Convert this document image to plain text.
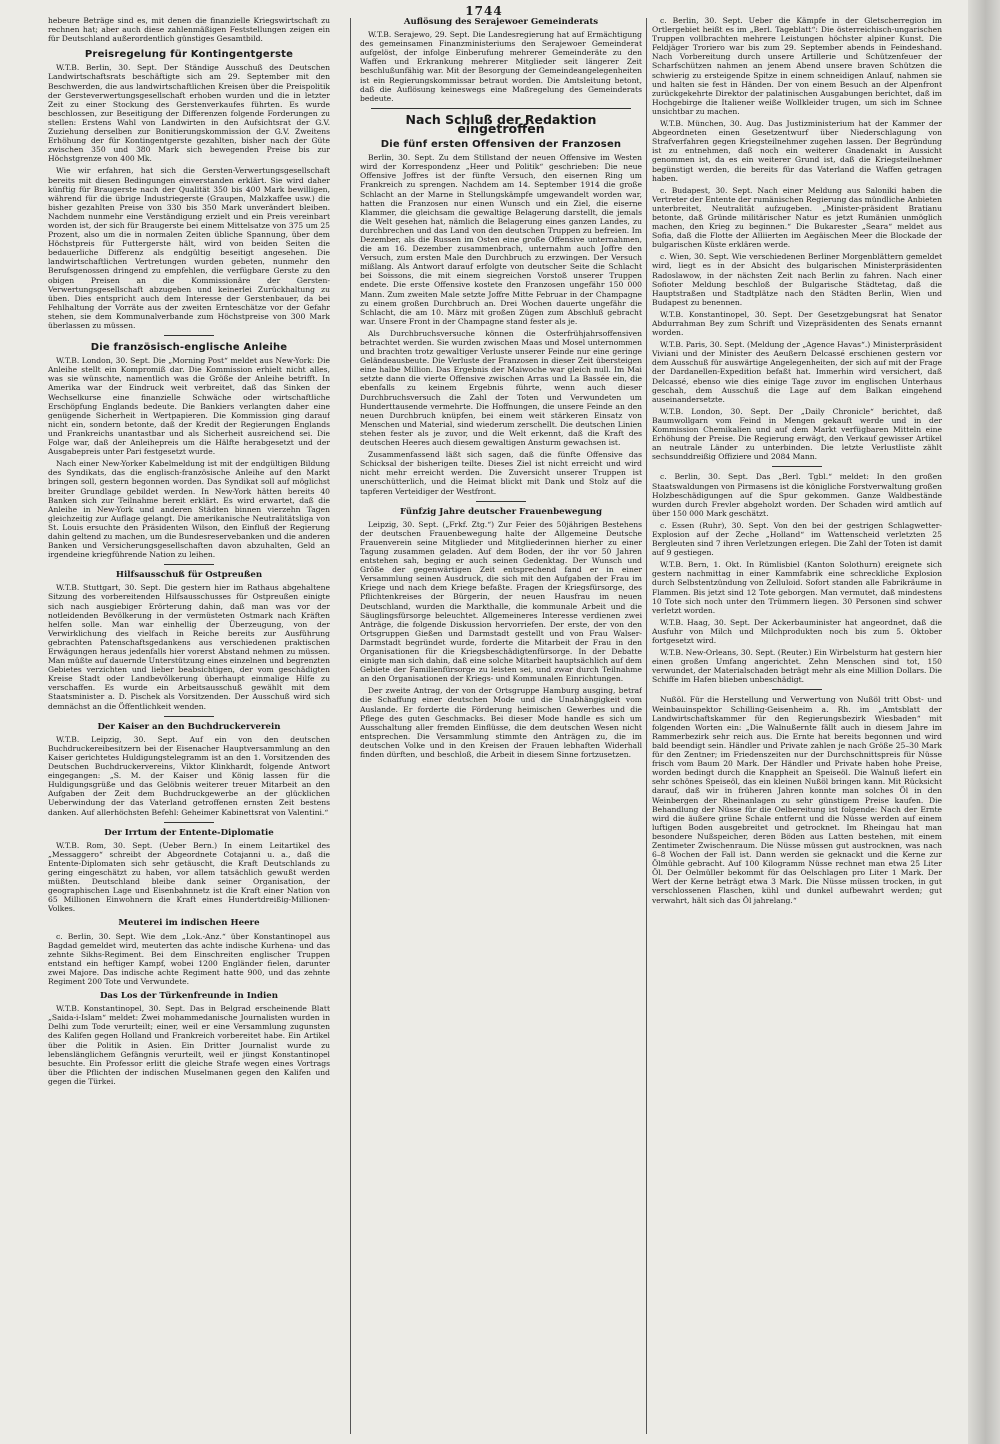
1744

hebeure Beträge sind es, mit denen die finanzielle Kriegswirtschaft zu rechnen hat; aber auch diese zahlenmäßigen Feststellungen zeigen ein für Deutschland außerordentlich günstiges Gesamtbild.

Preisregelung für Kontingentgerste

W.T.B. Berlin, 30. Sept. Der Ständige Ausschuß des Deutschen Landwirtschaftsrats beschäftigte sich am 29. September mit den Beschwerden, die aus landwirtschaftlichen Kreisen über die Preispolitik der Gersteverwertungsgesellschaft erhoben wurden und die in letzter Zeit zu einer Stockung des Gerstenverkaufes führten. Es wurde beschlossen, zur Beseitigung der Differenzen folgende Forderungen zu stellen: Erstens Wahl von Landwirten in den Aufsichtsrat der G.V. Zuziehung derselben zur Bonitierungskommission der G.V. Zweitens Erhöhung der für Kontingentgerste gezahlten, bisher nach der Güte zwischen 350 und 380 Mark sich bewegenden Preise bis zur Höchstgrenze von 400 Mk.

Wie wir erfahren, hat sich die Gersten-Verwertungsgesellschaft bereits mit diesen Bedingungen einverstanden erklärt. Sie wird daher künftig für Braugerste nach der Qualität 350 bis 400 Mark bewilligen, während für die übrige Industriegerste (Graupen, Malzkaffee usw.) die bisher gezahlten Preise von 330 bis 350 Mark unverändert bleiben. Nachdem nunmehr eine Verständigung erzielt und ein Preis vereinbart worden ist, der sich für Braugerste bei einem Mittelsatze von 375 um 25 Prozent, also um die in normalen Zeiten übliche Spannung, über dem Höchstpreis für Futtergerste hält, wird von beiden Seiten die bedauerliche Differenz als endgültig beseitigt angesehen. Die landwirtschaftlichen Vertretungen wurden gebeten, nunmehr den Berufsgenossen dringend zu empfehlen, die verfügbare Gerste zu den obigen Preisen an die Kommissionäre der Gersten-Verwertungsgesellschaft abzugeben und keinerlei Zurückhaltung zu üben. Dies entspricht auch dem Interesse der Gerstenbauer, da bei Fehlhaltung der Vorräte aus der zweiten Ernteschätze vor der Gefahr stehen, sie dem Kommunalverbande zum Höchstpreise von 300 Mark überlassen zu müssen.

Die französisch-englische Anleihe

W.T.B. London, 30. Sept. Die „Morning Post“ meldet aus New-York: Die Anleihe stellt ein Kompromiß dar. Die Kommission erhielt nicht alles, was sie wünschte, namentlich was die Größe der Anleihe betrifft. In Amerika war der Eindruck weit verbreitet, daß das Sinken der Wechselkurse eine finanzielle Schwäche oder wirtschaftliche Erschöpfung Englands bedeute. Die Bankiers verlangten daher eine genügende Sicherheit in Wertpapieren. Die Kommission ging darauf nicht ein, sondern betonte, daß der Kredit der Regierungen Englands und Frankreichs unantastbar und als Sicherheit ausreichend sei. Die Folge war, daß der Anleihepreis um die Hälfte herabgesetzt und der Ausgabepreis unter Pari festgesetzt wurde.

Nach einer New-Yorker Kabelmeldung ist mit der endgültigen Bildung des Syndikats, das die englisch-französische Anleihe auf den Markt bringen soll, gestern begonnen worden. Das Syndikat soll auf möglichst breiter Grundlage gebildet werden. In New-York hätten bereits 40 Banken sich zur Teilnahme bereit erklärt. Es wird erwartet, daß die Anleihe in New-York und anderen Städten binnen vierzehn Tagen gleichzeitig zur Auflage gelangt. Die amerikanische Neutralitätsliga von St. Louis ersuchte den Präsidenten Wilson, den Einfluß der Regierung dahin geltend zu machen, um die Bundesreservebanken und die anderen Banken und Versicherungsgesellschaften davon abzuhalten, Geld an irgendeine kriegführende Nation zu leihen.

Hilfsausschuß für Ostpreußen

W.T.B. Stuttgart, 30. Sept. Die gestern hier im Rathaus abgehaltene Sitzung des vorbereitenden Hilfsausschusses für Ostpreußen einigte sich nach ausgiebiger Erörterung dahin, daß man was vor der notleidenden Bevölkerung in der vermüsteten Ostmark nach Kräften helfen solle. Man war einhellig der Überzeugung, von der Verwirklichung des vielfach in Reiche bereits zur Ausführung gebrachten Patenschaftsgedankens aus verschiedenen praktischen Erwägungen heraus jedenfalls hier vorerst Abstand nehmen zu müssen. Man müßte auf dauernde Unterstützung eines einzelnen und begrenzten Gebietes verzichten und lieber beabsichtigen, der vom geschädigten Kreise Stadt oder Landbevölkerung überhaupt einmalige Hilfe zu verschaffen. Es wurde ein Arbeitsausschuß gewählt mit dem Staatsminister a. D. Pischek als Vorsitzenden. Der Ausschuß wird sich demnächst an die Öffentlichkeit wenden.

Der Kaiser an den Buchdruckerverein

W.T.B. Leipzig, 30. Sept. Auf ein von den deutschen Buchdruckereibesitzern bei der Eisenacher Hauptversammlung an den Kaiser gerichtetes Huldigungstelegramm ist an den 1. Vorsitzenden des Deutschen Buchdruckervereins, Viktor Klinkhardt, folgende Antwort eingegangen: „S. M. der Kaiser und König lassen für die Huldigungsgrüße und das Gelöbnis weiterer treuer Mitarbeit an den Aufgaben der Zeit dem Buchdruckgewerbe an der glücklichen Ueberwindung der das Vaterland getroffenen ernsten Zeit bestens danken. Auf allerhöchsten Befehl: Geheimer Kabinettsrat von Valentini.“

Der Irrtum der Entente-Diplomatie

W.T.B. Rom, 30. Sept. (Ueber Bern.) In einem Leitartikel des „Messaggero“ schreibt der Abgeordnete Cotajanni u. a., daß die Entente-Diplomaten sich sehr getäuscht, die Kraft Deutschlands zu gering eingeschätzt zu haben, vor allem tatsächlich gewußt werden müßten. Deutschland bleibe dank seiner Organisation, der geographischen Lage und Eisenbahnnetz ist die Kraft einer Nation von 65 Millionen Einwohnern die Kraft eines Hundertdreißig-Millionen-Volkes.

Meuterei im indischen Heere

c. Berlin, 30. Sept. Wie dem „Lok.-Anz.“ über Konstantinopel aus Bagdad gemeldet wird, meuterten das achte indische Kurhena- und das zehnte Sikhs-Regiment. Bei dem Einschreiten englischer Truppen entstand ein heftiger Kampf, wobei 1200 Engländer fielen, darunter zwei Majore. Das indische achte Regiment hatte 900, und das zehnte Regiment 200 Tote und Verwundete.

Das Los der Türkenfreunde in Indien

W.T.B. Konstantinopel, 30. Sept. Das in Belgrad erscheinende Blatt „Saida-i-Islam“ meldet: Zwei mohammedanische Journalisten wurden in Delhi zum Tode verurteilt; einer, weil er eine Versammlung zugunsten des Kalifen gegen Holland und Frankreich vorbereitet habe. Ein Artikel über die Politik in Asien. Ein Dritter Journalist wurde zu lebenslänglichem Gefängnis verurteilt, weil er jüngst Konstantinopel besuchte. Ein Professor erlitt die gleiche Strafe wegen eines Vortrags über die Pflichten der indischen Muselmanen gegen den Kalifen und gegen die Türkei.

Auflösung des Serajewoer Gemeinderats

W.T.B. Serajewo, 29. Sept. Die Landesregierung hat auf Ermächtigung des gemeinsamen Finanzministeriums den Serajewoer Gemeinderat aufgelöst, der infolge Einberufung mehrerer Gemeinderäte zu den Waffen und Erkrankung mehrerer Mitglieder seit längerer Zeit beschlußunfähig war. Mit der Besorgung der Gemeindeangelegenheiten ist ein Regierungskommissar betraut worden. Die Amtsleitung betont, daß die Auflösung keineswegs eine Maßregelung des Gemeinderats bedeute.

Nach Schluß der Redaktion eingetroffen
Die fünf ersten Offensiven der Franzosen

Berlin, 30. Sept. Zu dem Stillstand der neuen Offensive im Westen wird der Korrespondenz „Heer und Politik“ geschrieben: Die neue Offensive Joffres ist der fünfte Versuch, den eisernen Ring um Frankreich zu sprengen. Nachdem am 14. September 1914 die große Schlacht an der Marne in Stellungskämpfe umgewandelt worden war, hatten die Franzosen nur einen Wunsch und ein Ziel, die eiserne Klammer, die gleichsam die gewaltige Belagerung darstellt, die jemals die Welt gesehen hat, nämlich die Belagerung eines ganzen Landes, zu durchbrechen und das Land von den deutschen Truppen zu befreien. Im Dezember, als die Russen im Osten eine große Offensive unternahmen, die am 16. Dezember zusammenbrach, unternahm auch Joffre den Versuch, zum ersten Male den Durchbruch zu erzwingen. Der Versuch mißlang. Als Antwort darauf erfolgte von deutscher Seite die Schlacht bei Soissons, die mit einem siegreichen Vorstoß unserer Truppen endete. Die erste Offensive kostete den Franzosen ungefähr 150 000 Mann. Zum zweiten Male setzte Joffre Mitte Februar in der Champagne zu einem großen Durchbruch an. Drei Wochen dauerte ungefähr die Schlacht, die am 10. März mit großen Zügen zum Abschluß gebracht war. Unsere Front in der Champagne stand fester als je.

Als Durchbruchsversuche können die Osterfrühjahrsoffensiven betrachtet werden. Sie wurden zwischen Maas und Mosel unternommen und brachten trotz gewaltiger Verluste unserer Feinde nur eine geringe Geländeausbeute. Die Verluste der Franzosen in dieser Zeit übersteigen eine halbe Million. Das Ergebnis der Maiwoche war gleich null. Im Mai setzte dann die vierte Offensive zwischen Arras und La Bassée ein, die ebenfalls zu keinem Ergebnis führte, wenn auch dieser Durchbruchsversuch die Zahl der Toten und Verwundeten um Hunderttausende vermehrte. Die Hoffnungen, die unsere Feinde an den neuen Durchbruch knüpfen, bei einem weit stärkeren Einsatz von Menschen und Material, sind wiederum zerschellt. Die deutschen Linien stehen fester als je zuvor, und die Welt erkennt, daß die Kraft des deutschen Heeres auch diesem gewaltigen Ansturm gewachsen ist.

Zusammenfassend läßt sich sagen, daß die fünfte Offensive das Schicksal der bisherigen teilte. Dieses Ziel ist nicht erreicht und wird nicht mehr erreicht werden. Die Zuversicht unserer Truppen ist unerschütterlich, und die Heimat blickt mit Dank und Stolz auf die tapferen Verteidiger der Westfront.

Fünfzig Jahre deutscher Frauenbewegung

Leipzig, 30. Sept. („Frkf. Ztg.“) Zur Feier des 50jährigen Bestehens der deutschen Frauenbewegung halte der Allgemeine Deutsche Frauenverein seine Mitglieder und Mitgliederinnen hierher zu einer Tagung zusammen geladen. Auf dem Boden, der ihr vor 50 Jahren entstehen sah, beging er auch seinen Gedenktag. Der Wunsch und Größe der gegenwärtigen Zeit entsprechend fand er in einer Versammlung seinen Ausdruck, die sich mit den Aufgaben der Frau im Kriege und nach dem Kriege befaßte. Fragen der Kriegsfürsorge, des Pflichtenkreises der Bürgerin, der neuen Hausfrau im neuen Deutschland, wurden die Markthalle, die kommunale Arbeit und die Säuglingsfürsorge beleuchtet. Allgemeineres Interesse verdienen zwei Anträge, die folgende Diskussion hervorriefen. Der erste, der von den Ortsgruppen Gießen und Darmstadt gestellt und von Frau Walser-Darmstadt begründet wurde, forderte die Mitarbeit der Frau in den Organisationen für die Kriegsbeschädigtenfürsorge. In der Debatte einigte man sich dahin, daß eine solche Mitarbeit hauptsächlich auf dem Gebiete der Familienfürsorge zu leisten sei, und zwar durch Teilnahme an den Organisationen der Kriegs- und Kommunalen Einrichtungen.

Der zweite Antrag, der von der Ortsgruppe Hamburg ausging, betraf die Schaffung einer deutschen Mode und die Unabhängigkeit vom Auslande. Er forderte die Förderung heimischen Gewerbes und die Pflege des guten Geschmacks. Bei dieser Mode handle es sich um Ausschaltung aller fremden Einflüsse, die dem deutschen Wesen nicht entsprechen. Die Versammlung stimmte den Anträgen zu, die im deutschen Volke und in den Kreisen der Frauen lebhaften Widerhall finden dürften, und beschloß, die Arbeit in diesem Sinne fortzusetzen.

c. Berlin, 30. Sept. Ueber die Kämpfe in der Gletscherregion im Ortlergebiet heißt es im „Berl. Tageblatt“: Die österreichisch-ungarischen Truppen vollbrachten mehrere Leistungen höchster alpiner Kunst. Die Feldjäger Troriero war bis zum 29. September abends in Feindeshand. Nach Vorbereitung durch unsere Artillerie und Schützenfeuer der Scharfschützen nahmen an jenem Abend unsere braven Schützen die schwierig zu ersteigende Spitze in einem schneidigen Anlauf, nahmen sie und halten sie fest in Händen. Der von einem Besuch an der Alpenfront zurückgekehrte Direktor der palatinischen Ausgabungen berichtet, daß im Hochgebirge die Italiener weiße Wollkleider trugen, um sich im Schnee unsichtbar zu machen.

W.T.B. München, 30. Aug. Das Justizministerium hat der Kammer der Abgeordneten einen Gesetzentwurf über Niederschlagung von Strafverfahren gegen Kriegsteilnehmer zugehen lassen. Der Begründung ist zu entnehmen, daß noch ein weiterer Gnadenakt in Aussicht genommen ist, da es ein weiterer Grund ist, daß die Kriegsteilnehmer begünstigt werden, die bereits für das Vaterland die Waffen getragen haben.

c. Budapest, 30. Sept. Nach einer Meldung aus Saloniki haben die Vertreter der Entente der rumänischen Regierung das mündliche Anbieten unterbreitet, Neutralität aufzugeben. „Minister-präsident Bratianu betonte, daß Gründe militärischer Natur es jetzt Rumänien unmöglich machen, den Krieg zu beginnen.“ Die Bukarester „Seara“ meldet aus Sofia, daß die Flotte der Alliierten im Aegäischen Meer die Blockade der bulgarischen Küste erklären werde.

c. Wien, 30. Sept. Wie verschiedenen Berliner Morgenblättern gemeldet wird, liegt es in der Absicht des bulgarischen Ministerpräsidenten Radoslawow, in der nächsten Zeit nach Berlin zu fahren. Nach einer Sofioter Meldung beschloß der Bulgarische Städtetag, daß die Hauptstraßen und Stadtplätze nach den Städten Berlin, Wien und Budapest zu benennen.

W.T.B. Konstantinopel, 30. Sept. Der Gesetzgebungsrat hat Senator Abdurrahman Bey zum Schrift und Vizepräsidenten des Senats ernannt worden.

W.T.B. Paris, 30. Sept. (Meldung der „Agence Havas“.) Ministerpräsident Viviani und der Minister des Aeußern Delcassé erschienen gestern vor dem Ausschuß für auswärtige Angelegenheiten, der sich auf mit der Frage der Dardanellen-Expedition befaßt hat. Immerhin wird versichert, daß Delcassé, ebenso wie dies einige Tage zuvor im englischen Unterhaus geschah, dem Ausschuß die Lage auf dem Balkan eingehend auseinandersetzte.

W.T.B. London, 30. Sept. Der „Daily Chronicle“ berichtet, daß Baumwollgarn vom Feind in Mengen gekauft werde und in der Kommission Chemikalien und auf dem Markt verfügbaren Mitteln eine Erhöhung der Preise. Die Regierung erwägt, den Verkauf gewisser Artikel an neutrale Länder zu unterbinden. Die letzte Verlustliste zählt sechsunddreißig Offiziere und 2084 Mann.

c. Berlin, 30. Sept. Das „Berl. Tgbl.“ meldet: In den großen Staatswaldungen von Pirmasens ist die königliche Forstverwaltung großen Holzbeschädigungen auf die Spur gekommen. Ganze Waldbestände wurden durch Frevler abgeholzt worden. Der Schaden wird amtlich auf über 150 000 Mark geschätzt.

c. Essen (Ruhr), 30. Sept. Von den bei der gestrigen Schlagwetter-Explosion auf der Zeche „Holland“ im Wattenscheid verletzten 25 Bergleuten sind 7 ihren Verletzungen erlegen. Die Zahl der Toten ist damit auf 9 gestiegen.

W.T.B. Bern, 1. Okt. In Rümlisbiel (Kanton Solothurn) ereignete sich gestern nachmittag in einer Kammfabrik eine schreckliche Explosion durch Selbstentzündung von Zelluloid. Sofort standen alle Fabrikräume in Flammen. Bis jetzt sind 12 Tote geborgen. Man vermutet, daß mindestens 10 Tote sich noch unter den Trümmern liegen. 30 Personen sind schwer verletzt worden.

W.T.B. Haag, 30. Sept. Der Ackerbauminister hat angeordnet, daß die Ausfuhr von Milch und Milchprodukten noch bis zum 5. Oktober fortgesetzt wird.

W.T.B. New-Orleans, 30. Sept. (Reuter.) Ein Wirbelsturm hat gestern hier einen großen Umfang angerichtet. Zehn Menschen sind tot, 150 verwundet, der Materialschaden beträgt mehr als eine Million Dollars. Die Schiffe im Hafen blieben unbeschädigt.

Nußöl. Für die Herstellung und Verwertung von Nußöl tritt Obst- und Weinbauinspektor Schilling-Geisenheim a. Rh. im „Amtsblatt der Landwirtschaftskammer für den Regierungsbezirk Wiesbaden“ mit folgenden Worten ein: „Die Walnußernte fällt auch in diesem Jahre im Rammerbezirk sehr reich aus. Die Ernte hat bereits begonnen und wird bald beendigt sein. Händler und Private zahlen je nach Größe 25–30 Mark für den Zentner; im Friedenszeiten nur der Durchschnittspreis für Nüsse frisch vom Baum 20 Mark. Der Händler und Private haben hohe Preise, worden bedingt durch die Knappheit an Speiseöl. Die Walnuß liefert ein sehr schönes Speiseöl, das ein kleinen Nußöl bringen kann. Mit Rücksicht darauf, daß wir in früheren Jahren konnte man solches Öl in den Weinbergen der Rheinanlagen zu sehr günstigem Preise kaufen. Die Behandlung der Nüsse für die Oelbereitung ist folgende: Nach der Ernte wird die äußere grüne Schale entfernt und die Nüsse werden auf einem luftigen Boden ausgebreitet und getrocknet. Im Rheingau hat man besondere Nußspeicher, deren Böden aus Latten bestehen, mit einem Zentimeter Zwischenraum. Die Nüsse müssen gut austrocknen, was nach 6–8 Wochen der Fall ist. Dann werden sie geknackt und die Kerne zur Ölmühle gebracht. Auf 100 Kilogramm Nüsse rechnet man etwa 25 Liter Öl. Der Oelmüller bekommt für das Oelschlagen pro Liter 1 Mark. Der Wert der Kerne beträgt etwa 3 Mark. Die Nüsse müssen trocken, in gut verschlossenen Flaschen, kühl und dunkel aufbewahrt werden; gut verwahrt, hält sich das Öl jahrelang.“
